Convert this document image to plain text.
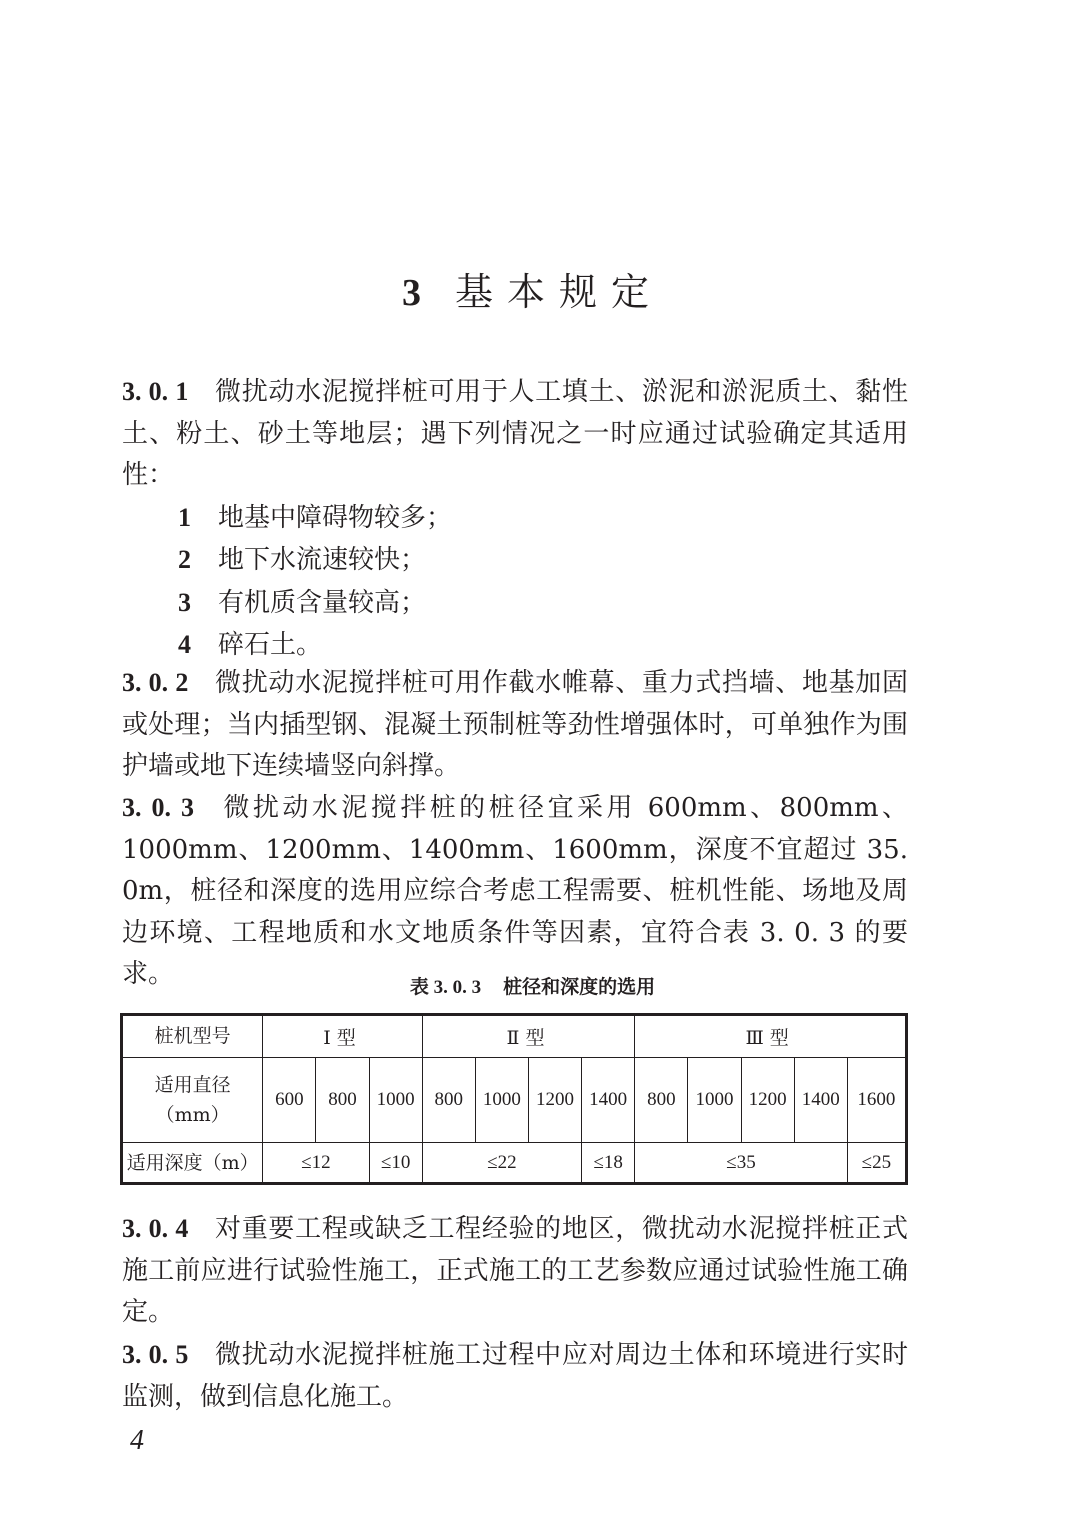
3 基本规定
3. 0. 1 微扰动水泥搅拌桩可用于人工填土、淤泥和淤泥质土、黏性土、粉土、砂土等地层；遇下列情况之一时应通过试验确定其适用性：
1 地基中障碍物较多；
2 地下水流速较快；
3 有机质含量较高；
4 碎石土。
3. 0. 2 微扰动水泥搅拌桩可用作截水帷幕、重力式挡墙、地基加固或处理；当内插型钢、混凝土预制桩等劲性增强体时，可单独作为围护墙或地下连续墙竖向斜撑。
3. 0. 3 微扰动水泥搅拌桩的桩径宜采用 600mm、800mm、1000mm、1200mm、1400mm、1600mm，深度不宜超过 35. 0m，桩径和深度的选用应综合考虑工程需要、桩机性能、场地及周边环境、工程地质和水文地质条件等因素，宜符合表 3. 0. 3 的要求。	表 3. 0. 3 桩径和深度的选用
桩机型号	Ⅰ型			Ⅱ型				Ⅲ型				
适用直径
（mm）	600	800	1000	800	1000	1200	1400	800	1000	1200	1400	1600
适用深度（m）	≤12		≤10	≤22			≤18	≤35				≤25
3. 0. 4 对重要工程或缺乏工程经验的地区，微扰动水泥搅拌桩正式施工前应进行试验性施工，正式施工的工艺参数应通过试验性施工确定。
3. 0. 5 微扰动水泥搅拌桩施工过程中应对周边土体和环境进行实时监测，做到信息化施工。
4
